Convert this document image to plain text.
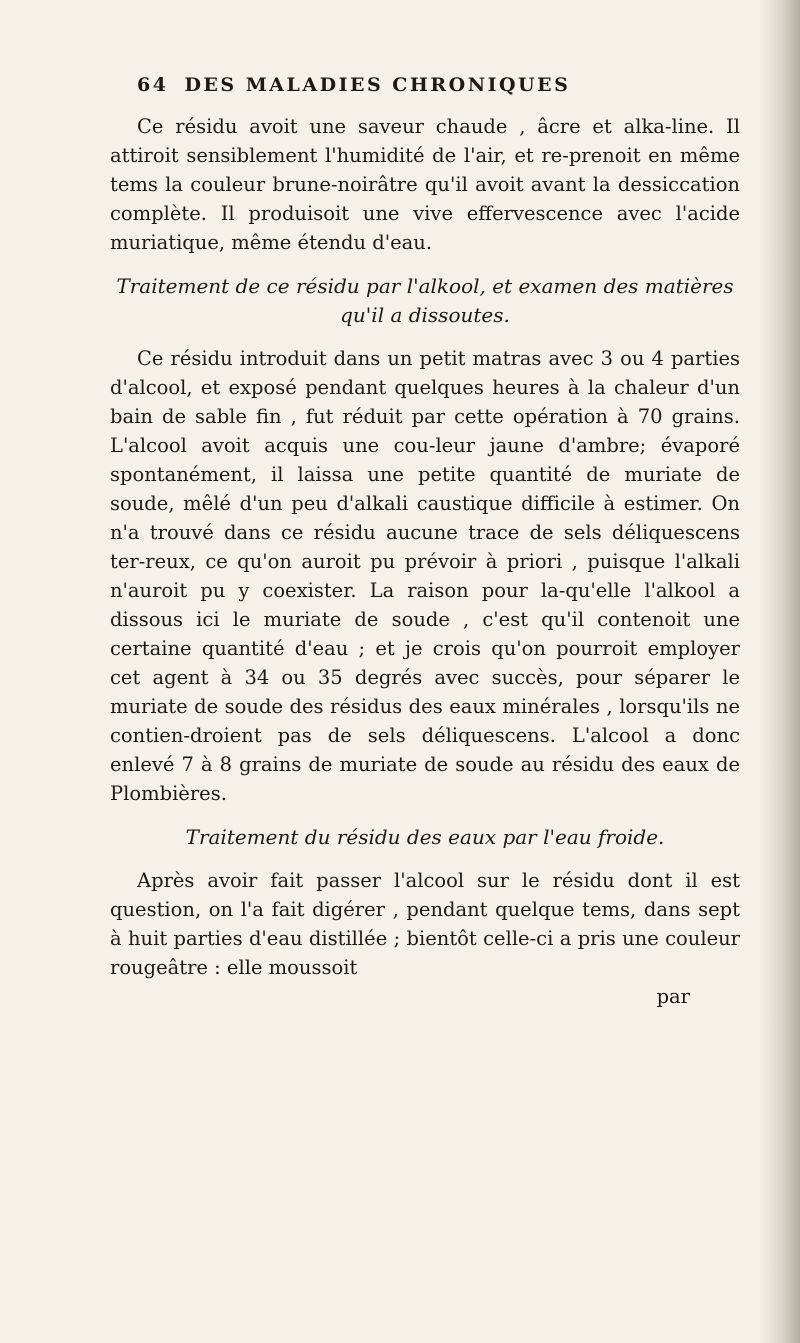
64 DES MALADIES CHRONIQUES

Ce résidu avoit une saveur chaude , âcre et alka-line. Il attiroit sensiblement l'humidité de l'air, et re-prenoit en même tems la couleur brune-noirâtre qu'il avoit avant la dessiccation complète. Il produisoit une vive effervescence avec l'acide muriatique, même étendu d'eau.

Traitement de ce résidu par l'alkool, et examen des matières qu'il a dissoutes.

Ce résidu introduit dans un petit matras avec 3 ou 4 parties d'alcool, et exposé pendant quelques heures à la chaleur d'un bain de sable fin , fut réduit par cette opération à 70 grains. L'alcool avoit acquis une cou-leur jaune d'ambre; évaporé spontanément, il laissa une petite quantité de muriate de soude, mêlé d'un peu d'alkali caustique difficile à estimer. On n'a trouvé dans ce résidu aucune trace de sels déliquescens ter-reux, ce qu'on auroit pu prévoir à priori , puisque l'alkali n'auroit pu y coexister. La raison pour la-qu'elle l'alkool a dissous ici le muriate de soude , c'est qu'il contenoit une certaine quantité d'eau ; et je crois qu'on pourroit employer cet agent à 34 ou 35 degrés avec succès, pour séparer le muriate de soude des résidus des eaux minérales , lorsqu'ils ne contien-droient pas de sels déliquescens. L'alcool a donc enlevé 7 à 8 grains de muriate de soude au résidu des eaux de Plombières.

Traitement du résidu des eaux par l'eau froide.

Après avoir fait passer l'alcool sur le résidu dont il est question, on l'a fait digérer , pendant quelque tems, dans sept à huit parties d'eau distillée ; bientôt celle-ci a pris une couleur rougeâtre : elle moussoit

par
